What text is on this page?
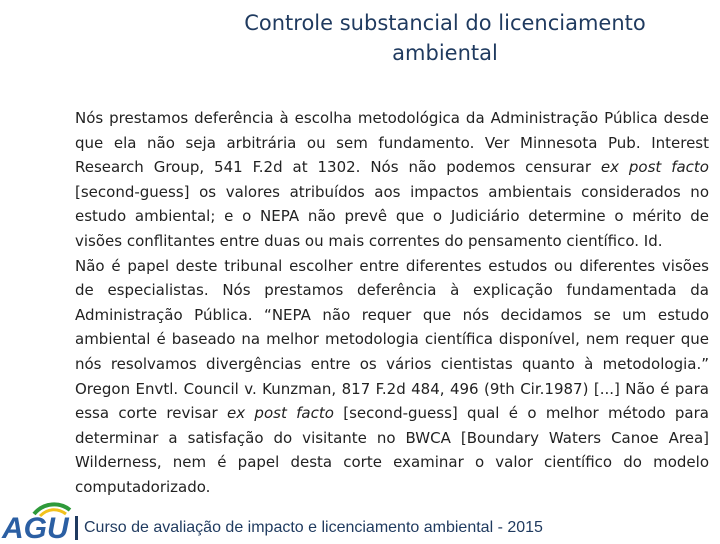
Controle substancial do licenciamento ambiental

Nós prestamos deferência à escolha metodológica da Administração Pública desde que ela não seja arbitrária ou sem fundamento. Ver Minnesota Pub. Interest Research Group, 541 F.2d at 1302. Nós não podemos censurar ex post facto [second-guess] os valores atribuídos aos impactos ambientais considerados no estudo ambiental; e o NEPA não prevê que o Judiciário determine o mérito de visões conflitantes entre duas ou mais correntes do pensamento científico. Id.

Não é papel deste tribunal escolher entre diferentes estudos ou diferentes visões de especialistas. Nós prestamos deferência à explicação fundamentada da Administração Pública. “NEPA não requer que nós decidamos se um estudo ambiental é baseado na melhor metodologia científica disponível, nem requer que nós resolvamos divergências entre os vários cientistas quanto à metodologia.” Oregon Envtl. Council v. Kunzman, 817 F.2d 484, 496 (9th Cir.1987) [...] Não é para essa corte revisar ex post facto [second-guess] qual é o melhor método para determinar a satisfação do visitante no BWCA [Boundary Waters Canoe Area] Wilderness, nem é papel desta corte examinar o valor científico do modelo computadorizado.

AGU Curso de avaliação de impacto e licenciamento ambiental - 2015
